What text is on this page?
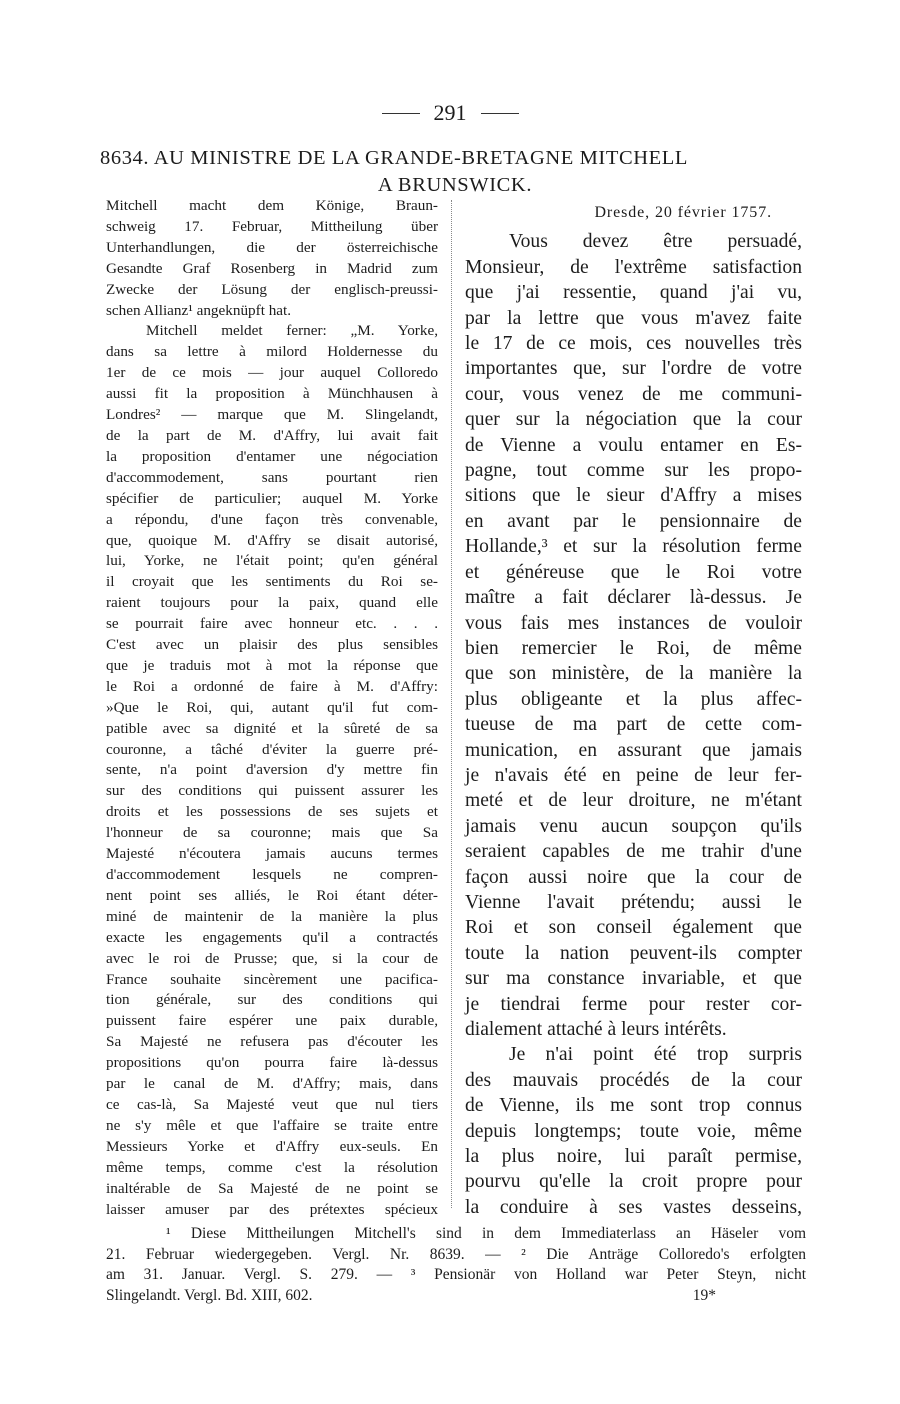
291
8634. AU MINISTRE DE LA GRANDE-BRETAGNE MITCHELL
A BRUNSWICK.
Mitchell macht dem Könige, Braun-
schweig 17. Februar, Mittheilung über
Unterhandlungen, die der österreichische
Gesandte Graf Rosenberg in Madrid zum
Zwecke der Lösung der englisch-preussi-
schen Allianz¹ angeknüpft hat.
Mitchell meldet ferner: „M. Yorke,
dans sa lettre à milord Holdernesse du
1er de ce mois — jour auquel Colloredo
aussi fit la proposition à Münchhausen à
Londres² — marque que M. Slingelandt,
de la part de M. d'Affry, lui avait fait
la proposition d'entamer une négociation
d'accommodement, sans pourtant rien
spécifier de particulier; auquel M. Yorke
a répondu, d'une façon très convenable,
que, quoique M. d'Affry se disait autorisé,
lui, Yorke, ne l'était point; qu'en général
il croyait que les sentiments du Roi se-
raient toujours pour la paix, quand elle
se pourrait faire avec honneur etc. . . .
C'est avec un plaisir des plus sensibles
que je traduis mot à mot la réponse que
le Roi a ordonné de faire à M. d'Affry:
»Que le Roi, qui, autant qu'il fut com-
patible avec sa dignité et la sûreté de sa
couronne, a tâché d'éviter la guerre pré-
sente, n'a point d'aversion d'y mettre fin
sur des conditions qui puissent assurer les
droits et les possessions de ses sujets et
l'honneur de sa couronne; mais que Sa
Majesté n'écoutera jamais aucuns termes
d'accommodement lesquels ne compren-
nent point ses alliés, le Roi étant déter-
miné de maintenir de la manière la plus
exacte les engagements qu'il a contractés
avec le roi de Prusse; que, si la cour de
France souhaite sincèrement une pacifica-
tion générale, sur des conditions qui
puissent faire espérer une paix durable,
Sa Majesté ne refusera pas d'écouter les
propositions qu'on pourra faire là-dessus
par le canal de M. d'Affry; mais, dans
ce cas-là, Sa Majesté veut que nul tiers
ne s'y mêle et que l'affaire se traite entre
Messieurs Yorke et d'Affry eux-seuls. En
même temps, comme c'est la résolution
inaltérable de Sa Majesté de ne point se
laisser amuser par des prétextes spécieux
Dresde, 20 février 1757.
Vous devez être persuadé,
Monsieur, de l'extrême satisfaction
que j'ai ressentie, quand j'ai vu,
par la lettre que vous m'avez faite
le 17 de ce mois, ces nouvelles très
importantes que, sur l'ordre de votre
cour, vous venez de me communi-
quer sur la négociation que la cour
de Vienne a voulu entamer en Es-
pagne, tout comme sur les propo-
sitions que le sieur d'Affry a mises
en avant par le pensionnaire de
Hollande,³ et sur la résolution ferme
et généreuse que le Roi votre
maître a fait déclarer là-dessus. Je
vous fais mes instances de vouloir
bien remercier le Roi, de même
que son ministère, de la manière la
plus obligeante et la plus affec-
tueuse de ma part de cette com-
munication, en assurant que jamais
je n'avais été en peine de leur fer-
meté et de leur droiture, ne m'étant
jamais venu aucun soupçon qu'ils
seraient capables de me trahir d'une
façon aussi noire que la cour de
Vienne l'avait prétendu; aussi le
Roi et son conseil également que
toute la nation peuvent-ils compter
sur ma constance invariable, et que
je tiendrai ferme pour rester cor-
dialement attaché à leurs intérêts.
Je n'ai point été trop surpris
des mauvais procédés de la cour
de Vienne, ils me sont trop connus
depuis longtemps; toute voie, même
la plus noire, lui paraît permise,
pourvu qu'elle la croit propre pour
la conduire à ses vastes desseins,
¹ Diese Mittheilungen Mitchell's sind in dem Immediaterlass an Häseler vom
21. Februar wiedergegeben. Vergl. Nr. 8639. — ² Die Anträge Colloredo's erfolgten
am 31. Januar. Vergl. S. 279. — ³ Pensionär von Holland war Peter Steyn, nicht
Slingelandt. Vergl. Bd. XIII, 602.	19*
